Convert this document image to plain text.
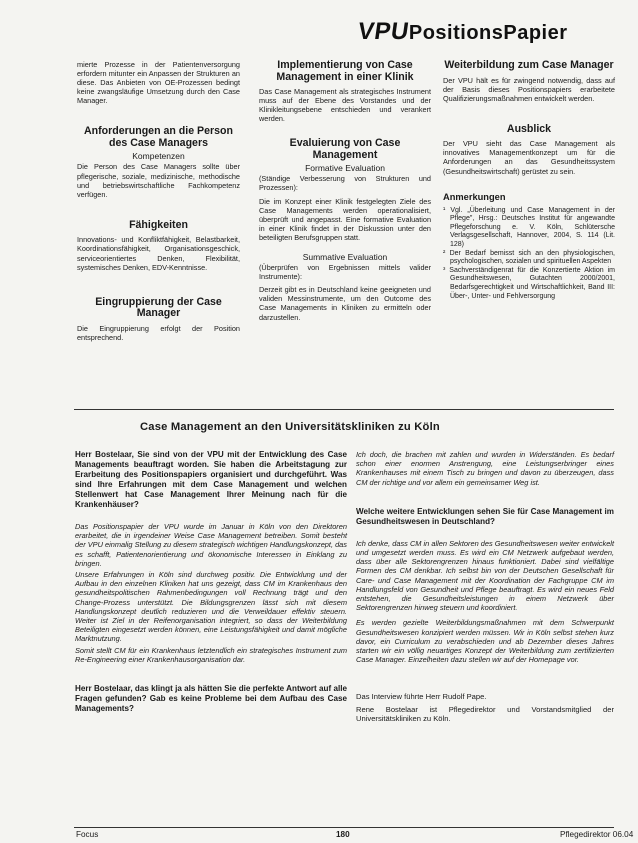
VPUPositionsPapier
mierte Prozesse in der Patientenversorgung erfordern mitunter ein Anpassen der Strukturen an diese. Das Anbieten von OE-Prozessen bedingt keine zwangsläufige Umsetzung durch den Case Manager.
Anforderungen an die Person des Case Managers
Kompetenzen
Die Person des Case Managers sollte über pflegerische, soziale, medizinische, methodische und betriebswirtschaftliche Fachkompetenz verfügen.
Fähigkeiten
Innovations- und Konfliktfähigkeit, Belastbarkeit, Koordinationsfähigkeit, Organisationsgeschick, serviceorientiertes Denken, Flexibilität, systemisches Denken, EDV-Kenntnisse.
Eingruppierung der Case Manager
Die Eingruppierung erfolgt der Position entsprechend.
Implementierung von Case Management in einer Klinik
Das Case Management als strategisches Instrument muss auf der Ebene des Vorstandes und der Klinikleitungsebene entschieden und verankert werden.
Evaluierung von Case Management
Formative Evaluation
(Ständige Verbesserung von Strukturen und Prozessen):
Die im Konzept einer Klinik festgelegten Ziele des Case Managements werden operationalisiert, überprüft und angepasst. Eine formative Evaluation in einer Klinik findet in der Diskussion unter den beteiligten Berufsgruppen statt.
Summative Evaluation
(Überprüfen von Ergebnissen mittels valider Instrumente):
Derzeit gibt es in Deutschland keine geeigneten und validen Messinstrumente, um den Outcome des Case Managements in Kliniken zu ermitteln oder darzustellen.
Weiterbildung zum Case Manager
Der VPU hält es für zwingend notwendig, dass auf der Basis dieses Positionspapiers erarbeitete Qualifizierungsmaßnahmen entwickelt werden.
Ausblick
Der VPU sieht das Case Management als innovatives Managementkonzept um für die Anforderungen an das Gesundheitssystem (Gesundheitswirtschaft) gerüstet zu sein.
Anmerkungen
¹ Vgl. „Überleitung und Case Management in der Pflege", Hrsg.: Deutsches Institut für angewandte Pflegeforschung e. V. Köln, Schlütersche Verlagsgesellschaft, Hannover, 2004, S. 114 (Lit. 128)
² Der Bedarf bemisst sich an den physiologischen, psychologischen, sozialen und spirituellen Aspekten
³ Sachverständigenrat für die Konzertierte Aktion im Gesundheitswesen, Gutachten 2000/2001, Bedarfsgerechtigkeit und Wirtschaftlichkeit, Band III: Über-, Unter- und Fehlversorgung
Case Management an den Universitätskliniken zu Köln
Herr Bostelaar, Sie sind von der VPU mit der Entwicklung des Case Managements beauftragt worden. Sie haben die Arbeitstagung zur Erarbeitung des Positionspapiers organisiert und durchgeführt. Was sind Ihre Erfahrungen mit dem Case Management und welchen Stellenwert hat Case Management Ihrer Meinung nach für die Krankenhäuser?
Das Positionspapier der VPU wurde im Januar in Köln von den Direktoren erarbeitet, die in irgendeiner Weise Case Management betreiben. Somit besteht der VPU einmalig Stellung zu diesem strategisch wichtigen Handlungskonzept, das es schafft, Patientenorientierung und ökonomische Interessen in Einklang zu bringen.
Unsere Erfahrungen in Köln sind durchweg positiv. Die Entwicklung und der Aufbau in den einzelnen Kliniken hat uns gezeigt, dass CM im Krankenhaus den gesundheitspolitischen Rahmenbedingungen voll Rechnung trägt und den Change-Prozess unterstützt. Die Bildungsgrenzen lässt sich mit diesem Handlungskonzept deutlich reduzieren und die Verweildauer effektiv steuern. Weiter ist Ziel in der Reifenorganisation integriert, so dass der Weiterbildung Beteiligten eingesetzt werden können, eine Leistungsfähigkeit und damit mögliche Marktnutzung.
Somit stellt CM für ein Krankenhaus letztendlich ein strategisches Instrument zum Re-Engineering einer Krankenhausorganisation dar.
Herr Bostelaar, das klingt ja als hätten Sie die perfekte Antwort auf alle Fragen gefunden? Gab es keine Probleme bei dem Aufbau des Case Managements?
Ich doch, die brachen mit zahlen und wurden in Widerständen. Es bedarf schon einer enormen Anstrengung, eine Leistungserbringer eines Krankenhauses mit einem Tisch zu bringen und davon zu überzeugen, dass CM der richtige und vor allem ein gemeinsamer Weg ist.
Welche weitere Entwicklungen sehen Sie für Case Management im Gesundheitswesen in Deutschland?
Ich denke, dass CM in allen Sektoren des Gesundheitswesen weiter entwickelt und umgesetzt werden muss. Es wird ein CM Netzwerk aufgebaut werden, dass über alle Sektorengrenzen hinaus funktioniert. Dabei sind vielfältige Formen des CM denkbar. Ich selbst bin von der Deutschen Gesellschaft für Care- und Case Management mit der Koordination der Fachgruppe CM im Handlungsfeld von Gesundheit und Pflege beauftragt. Es wird ein neues Feld entstehen, die Gesundheitsleistungen in einem Netzwerk über Sektorengrenzen hinweg steuern und koordiniert.
Es werden gezielte Weiterbildungsmaßnahmen mit dem Schwerpunkt Gesundheitswesen konzipiert werden müssen. Wir in Köln selbst stehen kurz davor, ein Curriculum zu verabschieden und ab Dezember dieses Jahres starten wir ein völlig neuartiges Konzept der Weiterbildung zum zertifizierten Case Manager. Einzelheiten dazu stellen wir auf der Homepage vor.
Das Interview führte Herr Rudolf Pape.
Rene Bostelaar ist Pflegedirektor und Vorstandsmitglied der Universitätskliniken zu Köln.
Focus	180	Pflegedirektor 06.04
